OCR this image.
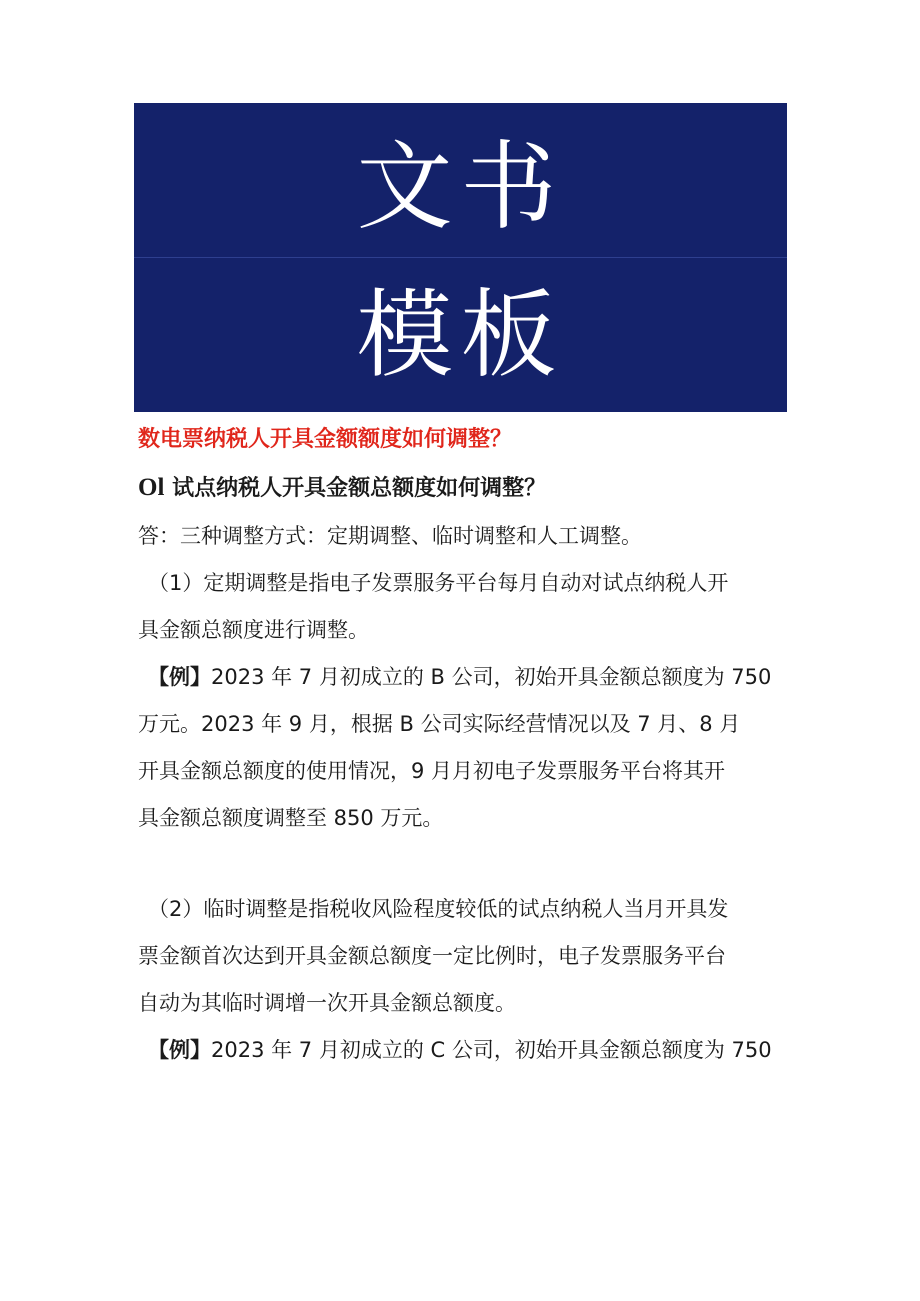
文书
模板
数电票纳税人开具金额额度如何调整？
Ol 试点纳税人开具金额总额度如何调整？

答：三种调整方式：定期调整、临时调整和人工调整。

（1）定期调整是指电子发票服务平台每月自动对试点纳税人开

具金额总额度进行调整。

【例】2023 年 7 月初成立的 B 公司，初始开具金额总额度为 750

万元。2023 年 9 月，根据 B 公司实际经营情况以及 7 月、8 月

开具金额总额度的使用情况，9 月月初电子发票服务平台将其开

具金额总额度调整至 850 万元。

（2）临时调整是指税收风险程度较低的试点纳税人当月开具发

票金额首次达到开具金额总额度一定比例时，电子发票服务平台

自动为其临时调增一次开具金额总额度。

【例】2023 年 7 月初成立的 C 公司，初始开具金额总额度为 750
